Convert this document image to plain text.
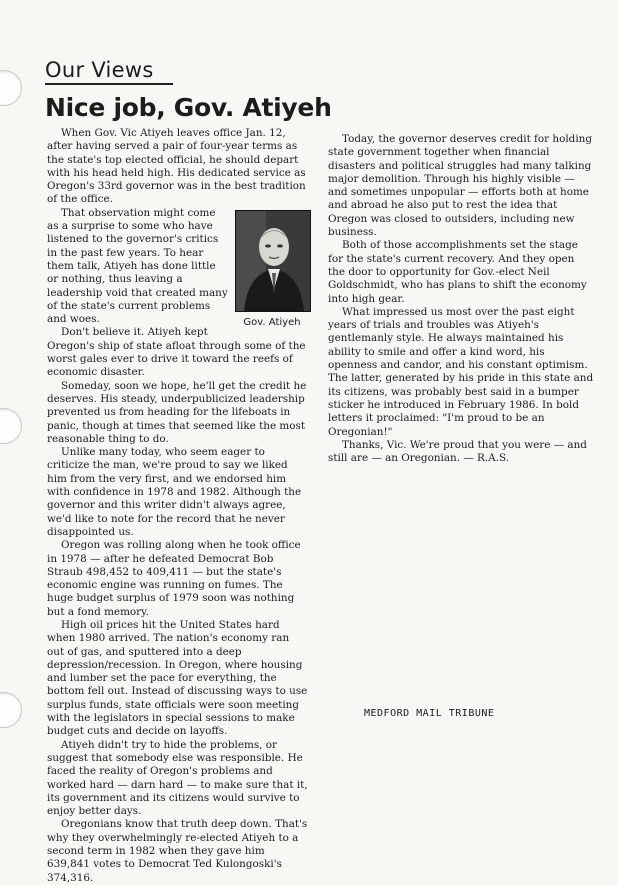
Our Views
Nice job, Gov. Atiyeh

When Gov. Vic Atiyeh leaves office Jan. 12, after having served a pair of four-year terms as the state's top elected official, he should depart with his head held high. His dedicated service as Oregon's 33rd governor was in the best tradition of the office.

Gov. Atiyeh

That observation might come as a surprise to some who have listened to the governor's critics in the past few years. To hear them talk, Atiyeh has done little or nothing, thus leaving a leadership void that created many of the state's current problems and woes.

Don't believe it. Atiyeh kept Oregon's ship of state afloat through some of the worst gales ever to drive it toward the reefs of economic disaster.

Someday, soon we hope, he'll get the credit he deserves. His steady, underpublicized leadership prevented us from heading for the lifeboats in panic, though at times that seemed like the most reasonable thing to do.

Unlike many today, who seem eager to criticize the man, we're proud to say we liked him from the very first, and we endorsed him with confidence in 1978 and 1982. Although the governor and this writer didn't always agree, we'd like to note for the record that he never disappointed us.

Oregon was rolling along when he took office in 1978 — after he defeated Democrat Bob Straub 498,452 to 409,411 — but the state's economic engine was running on fumes. The huge budget surplus of 1979 soon was nothing but a fond memory.

High oil prices hit the United States hard when 1980 arrived. The nation's economy ran out of gas, and sputtered into a deep depression/recession. In Oregon, where housing and lumber set the pace for everything, the bottom fell out. Instead of discussing ways to use surplus funds, state officials were soon meeting with the legislators in special sessions to make budget cuts and decide on layoffs.

Atiyeh didn't try to hide the problems, or suggest that somebody else was responsible. He faced the reality of Oregon's problems and worked hard — darn hard — to make sure that it, its government and its citizens would survive to enjoy better days.

Oregonians know that truth deep down. That's why they overwhelmingly re-elected Atiyeh to a second term in 1982 when they gave him 639,841 votes to Democrat Ted Kulongoski's 374,316.

Today, the governor deserves credit for holding state government together when financial disasters and political struggles had many talking major demolition. Through his highly visible — and sometimes unpopular — efforts both at home and abroad he also put to rest the idea that Oregon was closed to outsiders, including new business.

Both of those accomplishments set the stage for the state's current recovery. And they open the door to opportunity for Gov.-elect Neil Goldschmidt, who has plans to shift the economy into high gear.

What impressed us most over the past eight years of trials and troubles was Atiyeh's gentlemanly style. He always maintained his ability to smile and offer a kind word, his openness and candor, and his constant optimism. The latter, generated by his pride in this state and its citizens, was probably best said in a bumper sticker he introduced in February 1986. In bold letters it proclaimed: "I'm proud to be an Oregonian!"

Thanks, Vic. We're proud that you were — and still are — an Oregonian. — R.A.S.

MEDFORD MAIL TRIBUNE
